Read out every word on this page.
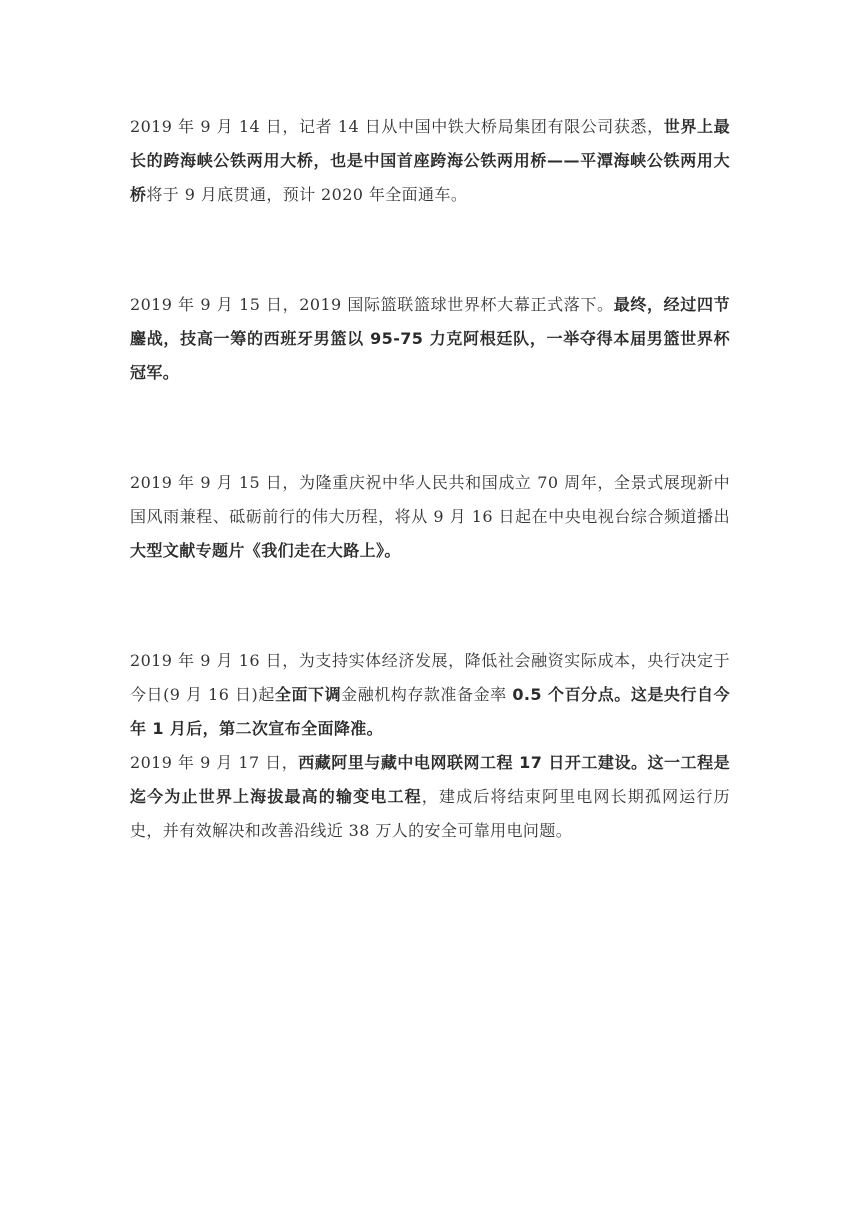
2019 年 9 月 14 日，记者 14 日从中国中铁大桥局集团有限公司获悉，世界上最长的跨海峡公铁两用大桥，也是中国首座跨海公铁两用桥——平潭海峡公铁两用大桥将于 9 月底贯通，预计 2020 年全面通车。

2019 年 9 月 15 日，2019 国际篮联篮球世界杯大幕正式落下。最终，经过四节鏖战，技高一筹的西班牙男篮以 95-75 力克阿根廷队，一举夺得本届男篮世界杯冠军。

2019 年 9 月 15 日，为隆重庆祝中华人民共和国成立 70 周年，全景式展现新中国风雨兼程、砥砺前行的伟大历程，将从 9 月 16 日起在中央电视台综合频道播出大型文献专题片《我们走在大路上》。

2019 年 9 月 16 日，为支持实体经济发展，降低社会融资实际成本，央行决定于今日(9 月 16 日)起全面下调金融机构存款准备金率 0.5 个百分点。这是央行自今年 1 月后，第二次宣布全面降准。

2019 年 9 月 17 日，西藏阿里与藏中电网联网工程 17 日开工建设。这一工程是迄今为止世界上海拔最高的输变电工程，建成后将结束阿里电网长期孤网运行历史，并有效解决和改善沿线近 38 万人的安全可靠用电问题。
